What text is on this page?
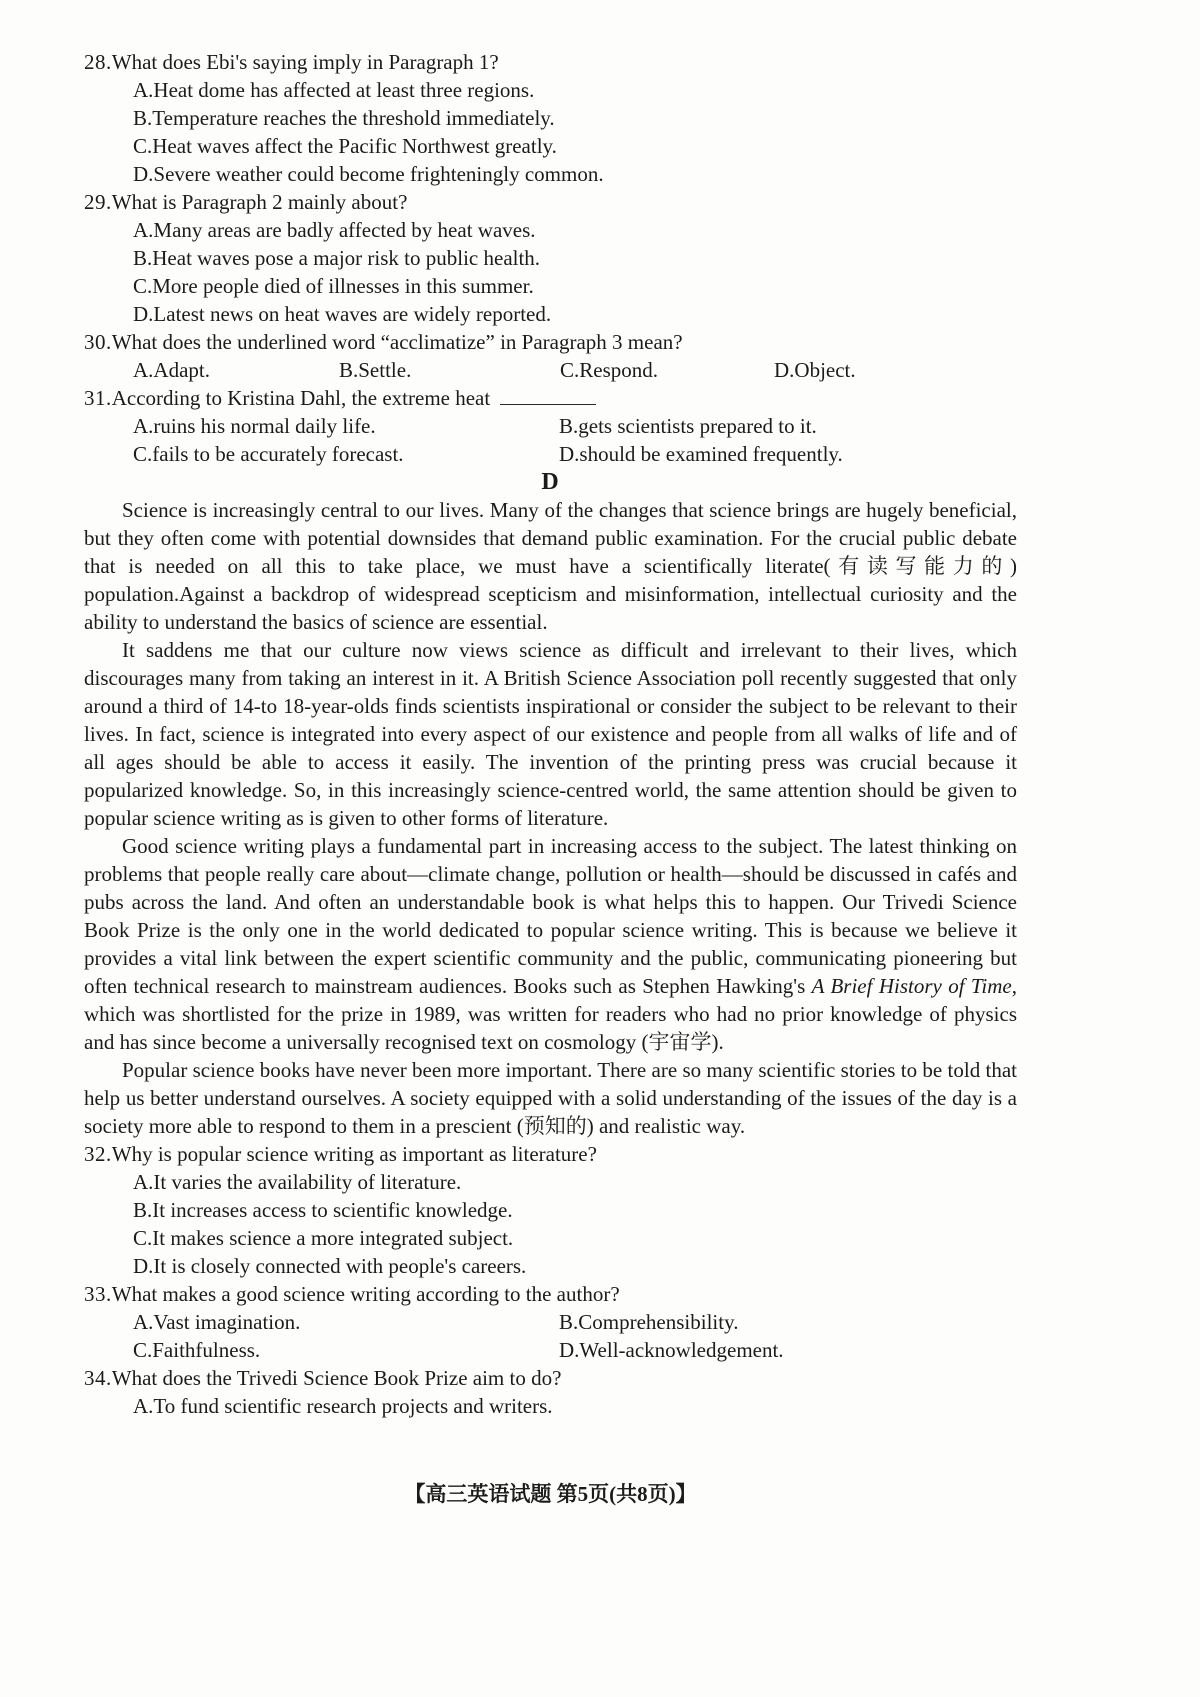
28.What does Ebi's saying imply in Paragraph 1?
A.Heat dome has affected at least three regions.
B.Temperature reaches the threshold immediately.
C.Heat waves affect the Pacific Northwest greatly.
D.Severe weather could become frighteningly common.
29.What is Paragraph 2 mainly about?
A.Many areas are badly affected by heat waves.
B.Heat waves pose a major risk to public health.
C.More people died of illnesses in this summer.
D.Latest news on heat waves are widely reported.
30.What does the underlined word “acclimatize” in Paragraph 3 mean?
A.Adapt.	B.Settle.	C.Respond.	D.Object.
31.According to Kristina Dahl, the extreme heat
A.ruins his normal daily life.	B.gets scientists prepared to it.
C.fails to be accurately forecast.	D.should be examined frequently.
D

Science is increasingly central to our lives. Many of the changes that science brings are hugely beneficial, but they often come with potential downsides that demand public examination. For the crucial public debate that is needed on all this to take place, we must have a scientifically literate(有读写能力的) population.Against a backdrop of widespread scepticism and misinformation, intellectual curiosity and the ability to understand the basics of science are essential.

It saddens me that our culture now views science as difficult and irrelevant to their lives, which discourages many from taking an interest in it. A British Science Association poll recently suggested that only around a third of 14-to 18-year-olds finds scientists inspirational or consider the subject to be relevant to their lives. In fact, science is integrated into every aspect of our existence and people from all walks of life and of all ages should be able to access it easily. The invention of the printing press was crucial because it popularized knowledge. So, in this increasingly science-centred world, the same attention should be given to popular science writing as is given to other forms of literature.

Good science writing plays a fundamental part in increasing access to the subject. The latest thinking on problems that people really care about—climate change, pollution or health—should be discussed in cafés and pubs across the land. And often an understandable book is what helps this to happen. Our Trivedi Science Book Prize is the only one in the world dedicated to popular science writing. This is because we believe it provides a vital link between the expert scientific community and the public, communicating pioneering but often technical research to mainstream audiences. Books such as Stephen Hawking's A Brief History of Time, which was shortlisted for the prize in 1989, was written for readers who had no prior knowledge of physics and has since become a universally recognised text on cosmology (宇宙学).

Popular science books have never been more important. There are so many scientific stories to be told that help us better understand ourselves. A society equipped with a solid understanding of the issues of the day is a society more able to respond to them in a prescient (预知的) and realistic way.

32.Why is popular science writing as important as literature?
A.It varies the availability of literature.
B.It increases access to scientific knowledge.
C.It makes science a more integrated subject.
D.It is closely connected with people's careers.
33.What makes a good science writing according to the author?
A.Vast imagination.	B.Comprehensibility.
C.Faithfulness.	D.Well-acknowledgement.
34.What does the Trivedi Science Book Prize aim to do?
A.To fund scientific research projects and writers.
【高三英语试题 第5页(共8页)】
